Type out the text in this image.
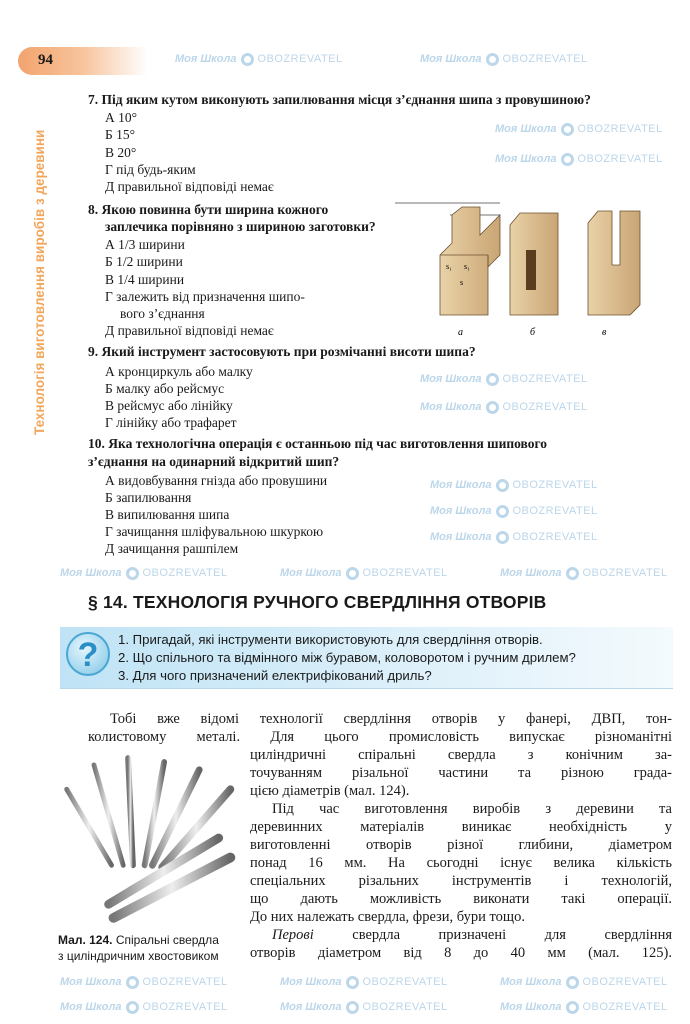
94
Технологія виготовлення виробів з деревини
7. Під яким кутом виконують запилювання місця з’єднання шипа з провушиною?
А 10°
Б 15°
В 20°
Г під будь-яким
Д правильної відповіді немає
8. Якою повинна бути ширина кожного
заплечика порівняно з шириною заготовки?
А 1/3 ширини
Б 1/2 ширини
В 1/4 ширини
Г залежить від призначення шипо-
вого з’єднання
Д правильної відповіді немає
s₁ s₁
s
а	б	в
9. Який інструмент застосовують при розмічанні висоти шипа?
А кронциркуль або малку
Б малку або рейсмус
В рейсмус або лінійку
Г лінійку або трафарет
10. Яка технологічна операція є останньою під час виготовлення шипового
з’єднання на одинарний відкритий шип?
А видовбування гнізда або провушини
Б запилювання
В випилювання шипа
Г зачищання шліфувальною шкуркою
Д зачищання рашпілем
§ 14. ТЕХНОЛОГІЯ РУЧНОГО СВЕРДЛІННЯ ОТВОРІВ
?	1. Пригадай, які інструменти використовують для свердління отворів.
2. Що спільного та відмінного між буравом, коловоротом і ручним дрилем?
3. Для чого призначений електрифікований дриль?
Тобі вже відомі технології свердління отворів у фанері, ДВП, тон-
колистовому металі. Для цього промисловість випускає різноманітні
циліндричні спіральні свердла з конічним за-
точуванням різальної частини та різною града-
цією діаметрів (мал. 124).
Під час виготовлення виробів з деревини та
деревинних матеріалів виникає необхідність у
виготовленні отворів різної глибини, діаметром
понад 16 мм. На сьогодні існує велика кількість
спеціальних різальних інструментів і технологій,
що дають можливість виконати такі операції.
До них належать свердла, фрези, бури тощо.
Перові	свердла призначені для свердління
отворів діаметром від 8 до 40 мм (мал. 125).
Мал. 124. Спіральні свердла
з циліндричним хвостовиком
Моя Школа OBOZREVATEL	Моя Школа OBOZREVATEL
Моя Школа OBOZREVATEL
Моя Школа OBOZREVATEL
Моя Школа OBOZREVATEL
Моя Школа OBOZREVATEL
Моя Школа OBOZREVATEL
Моя Школа OBOZREVATEL
Моя Школа OBOZREVATEL
Моя Школа OBOZREVATEL	Моя Школа OBOZREVATEL	Моя Школа OBOZREVATEL
Моя Школа OBOZREVATEL	Моя Школа OBOZREVATEL	Моя Школа OBOZREVATEL
Моя Школа OBOZREVATEL	Моя Школа OBOZREVATEL	Моя Школа OBOZREVATEL
